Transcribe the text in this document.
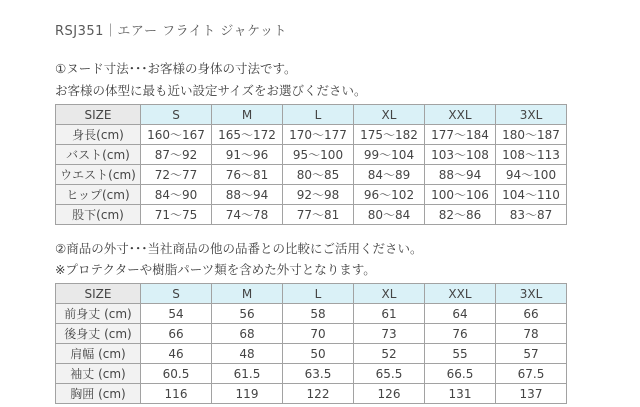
RSJ351｜エアー フライト ジャケット
①ヌード寸法･･･お客様の身体の寸法です。
お客様の体型に最も近い設定サイズをお選びください。
SIZE	S	M	L	XL	XXL	3XL
身長(cm)	160～167	165～172	170～177	175～182	177～184	180～187
バスト(cm)	87～92	91～96	95～100	99～104	103～108	108～113
ウエスト(cm)	72～77	76～81	80～85	84～89	88～94	94～100
ヒップ(cm)	84～90	88～94	92～98	96～102	100～106	104～110
股下(cm)	71～75	74～78	77～81	80～84	82～86	83～87
②商品の外寸･･･当社商品の他の品番との比較にご活用ください。
※プロテクターや樹脂パーツ類を含めた外寸となります。
SIZE	S	M	L	XL	XXL	3XL
前身丈 (cm)	54	56	58	61	64	66
後身丈 (cm)	66	68	70	73	76	78
肩幅 (cm)	46	48	50	52	55	57
袖丈 (cm)	60.5	61.5	63.5	65.5	66.5	67.5
胸囲 (cm)	116	119	122	126	131	137
